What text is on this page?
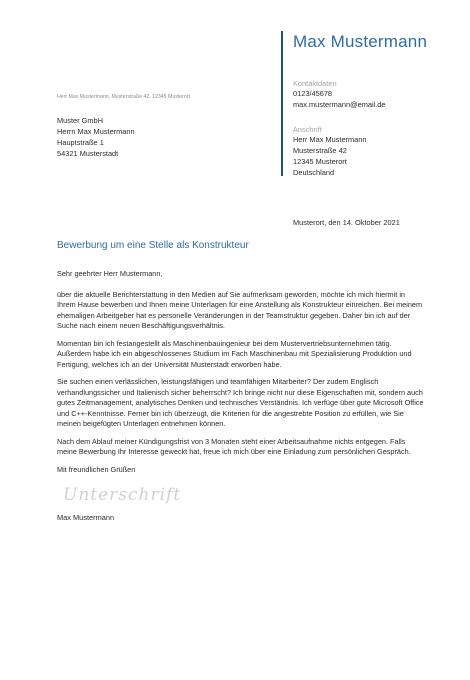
Max Mustermann
Kontaktdaten
0123/45678
max.mustermann@email.de
Anschrift
Herr Max Mustermann
Musterstraße 42
12345 Musterort
Deutschland
Herr Max Mustermann, Musterstraße 42, 12345 Musterort
Muster GmbH
Herrn Max Mustermann
Hauptstraße 1
54321 Musterstadt
Musterort, den 14. Oktober 2021
Bewerbung um eine Stelle als Konstrukteur

Sehr geehrter Herr Mustermann,

über die aktuelle Berichterstattung in den Medien auf Sie aufmerksam geworden, möchte ich mich hiermit in Ihrem Hause bewerben und Ihnen meine Unterlagen für eine Anstellung als Konstrukteur einreichen. Bei meinem ehemaligen Arbeitgeber hat es personelle Veränderungen in der Teamstruktur gegeben. Daher bin ich auf der Suche nach einem neuen Beschäftigungsverhältnis.

Momentan bin ich festangestellt als Maschinenbauingenieur bei dem Mustervertriebsunternehmen tätig. Außerdem habe ich ein abgeschlossenes Studium im Fach Maschinenbau mit Spezialisierung Produktion und Fertigung, welches ich an der Universität Musterstadt erworben habe.

Sie suchen einen verlässlichen, leistungsfähigen und teamfähigen Mitarbeiter? Der zudem Englisch verhandlungssicher und Italienisch sicher beherrscht? Ich bringe nicht nur diese Eigenschaften mit, sondern auch gutes Zeitmanagement, analytisches Denken und technisches Verständnis. Ich verfüge über gute Microsoft Office und C++-Kenntnisse. Ferner bin ich überzeugt, die Kriterien für die angestrebte Position zu erfüllen, wie Sie meinen beigefügten Unterlagen entnehmen können.

Nach dem Ablauf meiner Kündigungsfrist von 3 Monaten steht einer Arbeitsaufnahme nichts entgegen. Falls meine Bewerbung Ihr Interesse geweckt hat, freue ich mich über eine Einladung zum persönlichen Gespräch.

Mit freundlichen Grüßen

Unterschrift
Max Mustermann
